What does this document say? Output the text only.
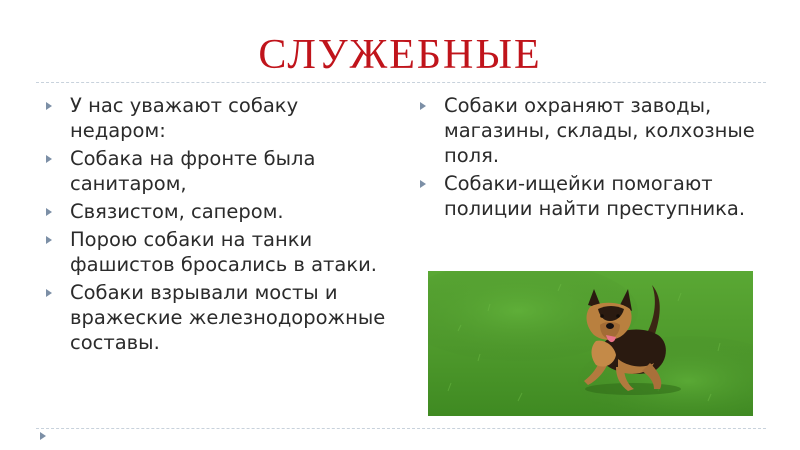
СЛУЖЕБНЫЕ
У нас уважают собаку недаром:
Собака на фронте была санитаром,
Связистом, сапером.
Порою собаки на танки фашистов бросались в атаки.
Собаки взрывали мосты и вражеские железнодорожные составы.
Собаки охраняют заводы, магазины, склады, колхозные поля.
Собаки-ищейки помогают полиции найти преступника.
